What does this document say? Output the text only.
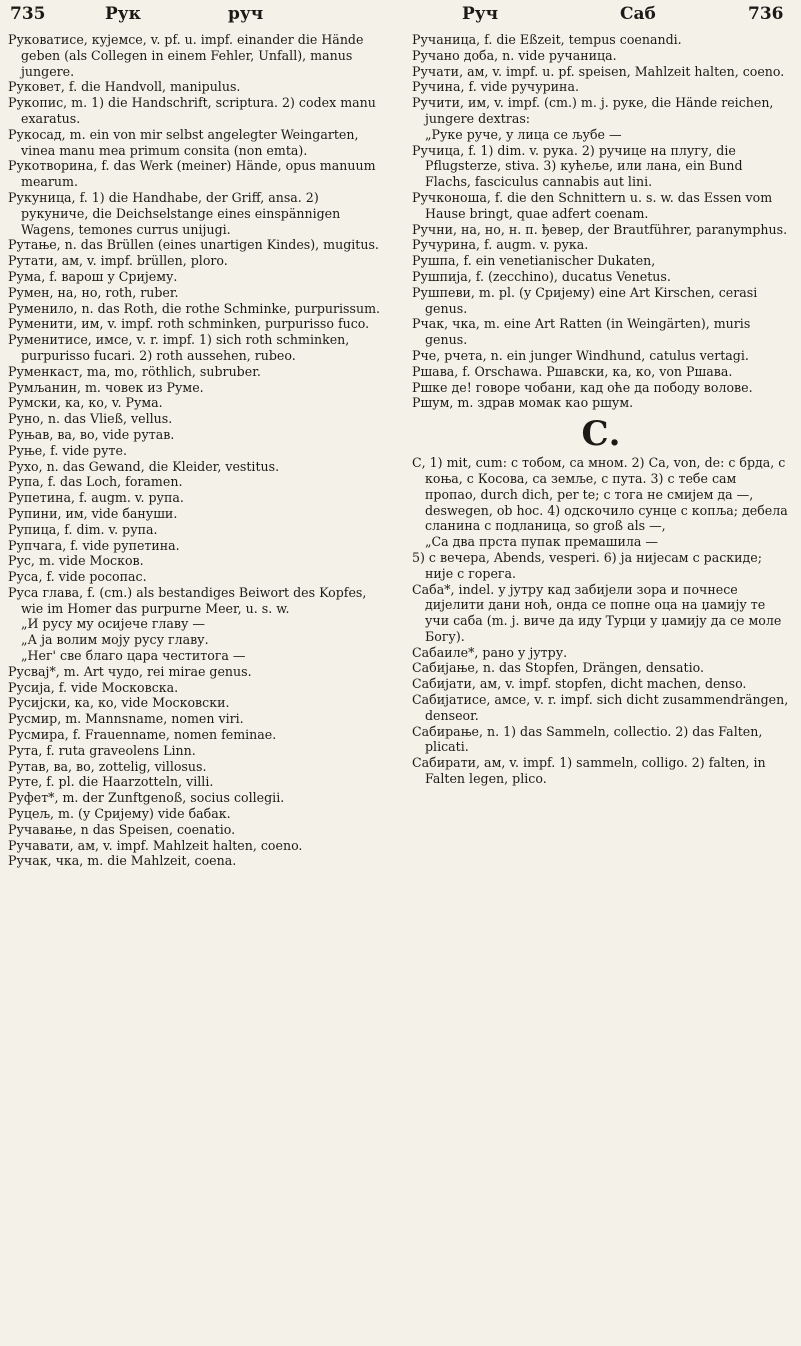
735	Рук	руч	Руч	Саб	736

Руковатисе, кујемсе, v. pf. u. impf. einander die Hände geben (als Collegen in einem Fehler, Unfall), manus jungere.

Руковет, f. die Handvoll, manipulus.

Рукопис, m. 1) die Handschrift, scriptura. 2) codex manu exaratus.

Рукосад, m. ein von mir selbst angelegter Weingarten, vinea manu mea primum consita (non emta).

Рукотворина, f. das Werk (meiner) Hände, opus manuum mearum.

Рукуница, f. 1) die Handhabe, der Griff, ansa. 2) рукуниче, die Deichselstange eines einspännigen Wagens, temones currus unijugi.

Рутање, n. das Brüllen (eines unartigen Kindes), mugitus.

Рутати, ам, v. impf. brüllen, ploro.

Рума, f. варош у Сријему.

Румен, на, но, roth, ruber.

Руменило, n. das Roth, die rothe Schminke, purpurissum.

Руменити, им, v. impf. roth schminken, purpurisso fuco.

Руменитисе, имсе, v. r. impf. 1) sich roth schminken, purpurisso fucari. 2) roth aussehen, rubeo.

Руменкаст, ma, mo, röthlich, subruber.

Румљанин, m. човек из Руме.

Румски, ка, ко, v. Рума.

Руно, n. das Vließ, vellus.

Руњав, ва, во, vide рутав.

Руње, f. vide руте.

Рухо, n. das Gewand, die Kleider, vestitus.

Рупа, f. das Loch, foramen.

Рупетина, f. augm. v. рупа.

Рупини, им, vide бануши.

Рупица, f. dim. v. рупа.

Рупчага, f. vide рупетина.

Рус, m. vide Москов.

Руса, f. vide росопас.

Руса глава, f. (cm.) als bestandiges Beiwort des Kopfes, wie im Homer das purpurne Meer, u. s. w.

„И русу му осијече главу —

„А ја волим моју русу главу.

„Нег' све благо цара честитога —

Русвај*, m. Art чудо, rei mirae genus.

Русија, f. vide Московска.

Русијски, ка, ко, vide Московски.

Русмир, m. Mannsname, nomen viri.

Русмира, f. Frauenname, nomen feminae.

Рута, f. ruta graveolens Linn.

Рутав, ва, во, zottelig, villosus.

Руте, f. pl. die Haarzotteln, villi.

Руфет*, m. der Zunftgenoß, socius collegii.

Руцељ, m. (у Сријему) vide бабак.

Ручавање, n das Speisen, coenatio.

Ручавати, ам, v. impf. Mahlzeit halten, coeno.

Ручак, чка, m. die Mahlzeit, coena.

Ручаница, f. die Eßzeit, tempus coenandi.

Ручано доба, n. vide ручаница.

Ручати, ам, v. impf. u. pf. speisen, Mahlzeit halten, coeno.

Ручина, f. vide ручурина.

Ручити, им, v. impf. (cm.) m. j. руке, die Hände reichen, jungere dextras:

„Руке руче, у лица се љубе —

Ручица, f. 1) dim. v. рука. 2) ручице на плугу, die Pflugsterze, stiva. 3) кућеље, или лана, ein Bund Flachs, fasciculus cannabis aut lini.

Ручконоша, f. die den Schnittern u. s. w. das Essen vom Hause bringt, quae adfert coenam.

Ручни, на, но, н. п. ђевер, der Brautführer, paranymphus.

Ручурина, f. augm. v. рука.

Рушпа, f. ein venetianischer Dukaten,

Рушпија, f. (zecchino), ducatus Venetus.

Рушпеви, m. pl. (у Сријему) eine Art Kirschen, cerasi genus.

Рчак, чка, m. eine Art Ratten (in Weingärten), muris genus.

Рче, рчета, n. ein junger Windhund, catulus vertagi.

Ршава, f. Orschawa. Ршавски, ка, ко, von Ршава.

Ршке де! говоре чобани, кад оће да пободу волове.

Ршум, m. здрав момак као ршум.

С.

С, 1) mit, cum: с тобом, са мном. 2) Са, von, de: с брда, с коња, с Косова, са земље, с пута. 3) с тебе сам пропао, durch dich, per te; с тога не смијем да —, deswegen, ob hoc. 4) одскочило сунце с копља; дебела сланина с подланица, so groß als —,

„Са два прста пупак премашила —

5) с вечера, Abends, vesperi. 6) ја нијесам с раскиде; није с горега.

Саба*, indel. у јутру кад забијели зора и почнесе дијелити дани ноћ, онда се попне оца на џамију те учи саба (m. j. виче да иду Турци у џамију да се моле Богу).

Сабаиле*, рано у јутру.

Сабијање, n. das Stopfen, Drängen, densatio.

Сабијати, ам, v. impf. stopfen, dicht machen, denso.

Сабијатисе, амсе, v. r. impf. sich dicht zusammendrängen, denseor.

Сабирање, n. 1) das Sammeln, collectio. 2) das Falten, plicati.

Сабирати, ам, v. impf. 1) sammeln, colligo. 2) falten, in Falten legen, plico.
